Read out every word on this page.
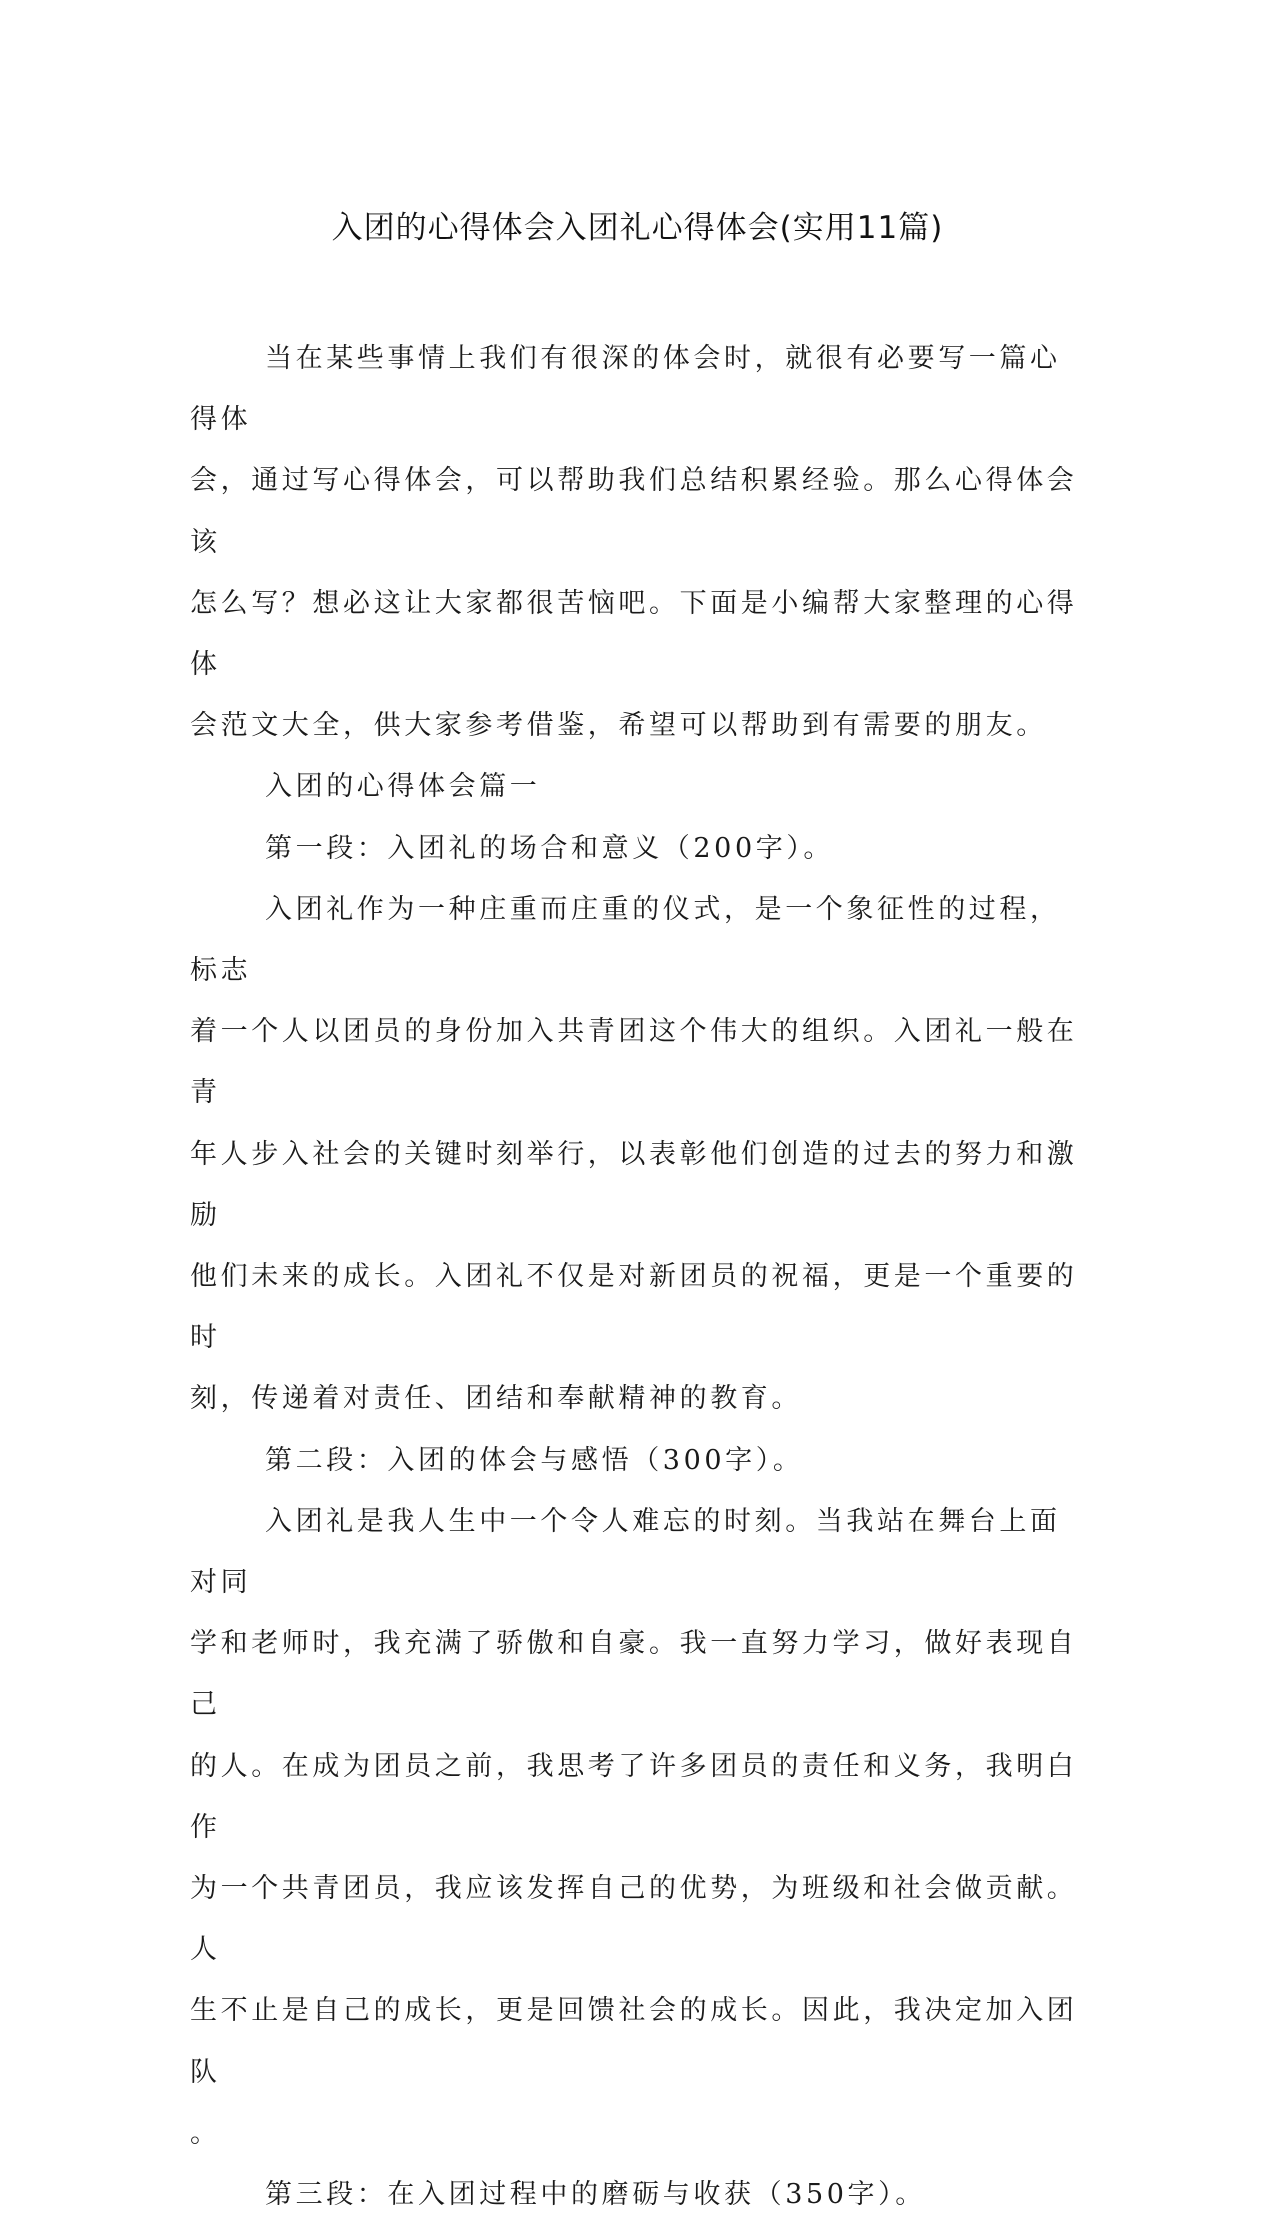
入团的心得体会入团礼心得体会(实用11篇)

当在某些事情上我们有很深的体会时，就很有必要写一篇心得体

会，通过写心得体会，可以帮助我们总结积累经验。那么心得体会该

怎么写？想必这让大家都很苦恼吧。下面是小编帮大家整理的心得体

会范文大全，供大家参考借鉴，希望可以帮助到有需要的朋友。

入团的心得体会篇一

第一段：入团礼的场合和意义（200字）。

入团礼作为一种庄重而庄重的仪式，是一个象征性的过程，标志

着一个人以团员的身份加入共青团这个伟大的组织。入团礼一般在青

年人步入社会的关键时刻举行，以表彰他们创造的过去的努力和激励

他们未来的成长。入团礼不仅是对新团员的祝福，更是一个重要的时

刻，传递着对责任、团结和奉献精神的教育。

第二段：入团的体会与感悟（300字）。

入团礼是我人生中一个令人难忘的时刻。当我站在舞台上面对同

学和老师时，我充满了骄傲和自豪。我一直努力学习，做好表现自己

的人。在成为团员之前，我思考了许多团员的责任和义务，我明白作

为一个共青团员，我应该发挥自己的优势，为班级和社会做贡献。人

生不止是自己的成长，更是回馈社会的成长。因此，我决定加入团队

。

第三段：在入团过程中的磨砺与收获（350字）。
